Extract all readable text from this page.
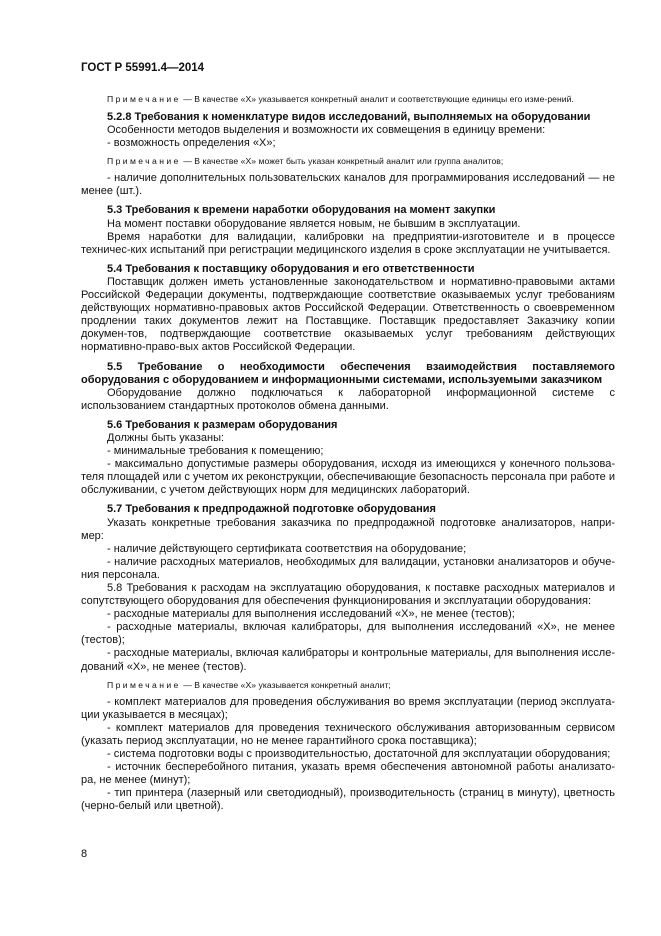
ГОСТ Р 55991.4—2014

Примечание — В качестве «Х» указывается конкретный аналит и соответствующие единицы его изме-рений.

5.2.8 Требования к номенклатуре видов исследований, выполняемых на оборудовании

Особенности методов выделения и возможности их совмещения в единицу времени:

- возможность определения «Х»;

Примечание — В качестве «Х» может быть указан конкретный аналит или группа аналитов;

- наличие дополнительных пользовательских каналов для программирования исследований — не менее (шт.).

5.3 Требования к времени наработки оборудования на момент закупки

На момент поставки оборудование является новым, не бывшим в эксплуатации.

Время наработки для валидации, калибровки на предприятии-изготовителе и в процессе техничес-ких испытаний при регистрации медицинского изделия в сроке эксплуатации не учитывается.

5.4 Требования к поставщику оборудования и его ответственности

Поставщик должен иметь установленные законодательством и нормативно-правовыми актами Российской Федерации документы, подтверждающие соответствие оказываемых услуг требованиям действующих нормативно-правовых актов Российской Федерации. Ответственность о своевременном продлении таких документов лежит на Поставщике. Поставщик предоставляет Заказчику копии докумен-тов, подтверждающие соответствие оказываемых услуг требованиям действующих нормативно-право-вых актов Российской Федерации.

5.5 Требование о необходимости обеспечения взаимодействия поставляемого оборудования с оборудованием и информационными системами, используемыми заказчиком

Оборудование должно подключаться к лабораторной информационной системе с использованием стандартных протоколов обмена данными.

5.6 Требования к размерам оборудования

Должны быть указаны:

- минимальные требования к помещению;

- максимально допустимые размеры оборудования, исходя из имеющихся у конечного пользова-теля площадей или с учетом их реконструкции, обеспечивающие безопасность персонала при работе и обслуживании, с учетом действующих норм для медицинских лабораторий.

5.7 Требования к предпродажной подготовке оборудования

Указать конкретные требования заказчика по предпродажной подготовке анализаторов, напри-мер:

- наличие действующего сертификата соответствия на оборудование;

- наличие расходных материалов, необходимых для валидации, установки анализаторов и обуче-ния персонала.

5.8 Требования к расходам на эксплуатацию оборудования, к поставке расходных материалов и сопутствующего оборудования для обеспечения функционирования и эксплуатации оборудования:

- расходные материалы для выполнения исследований «Х», не менее (тестов);

- расходные материалы, включая калибраторы, для выполнения исследований «Х», не менее (тестов);

- расходные материалы, включая калибраторы и контрольные материалы, для выполнения иссле-дований «Х», не менее (тестов).

Примечание — В качестве «Х» указывается конкретный аналит;

- комплект материалов для проведения обслуживания во время эксплуатации (период эксплуата-ции указывается в месяцах);

- комплект материалов для проведения технического обслуживания авторизованным сервисом (указать период эксплуатации, но не менее гарантийного срока поставщика);

- система подготовки воды с производительностью, достаточной для эксплуатации оборудования;

- источник бесперебойного питания, указать время обеспечения автономной работы анализато-ра, не менее (минут);

- тип принтера (лазерный или светодиодный), производительность (страниц в минуту), цветность (черно-белый или цветной).

8
